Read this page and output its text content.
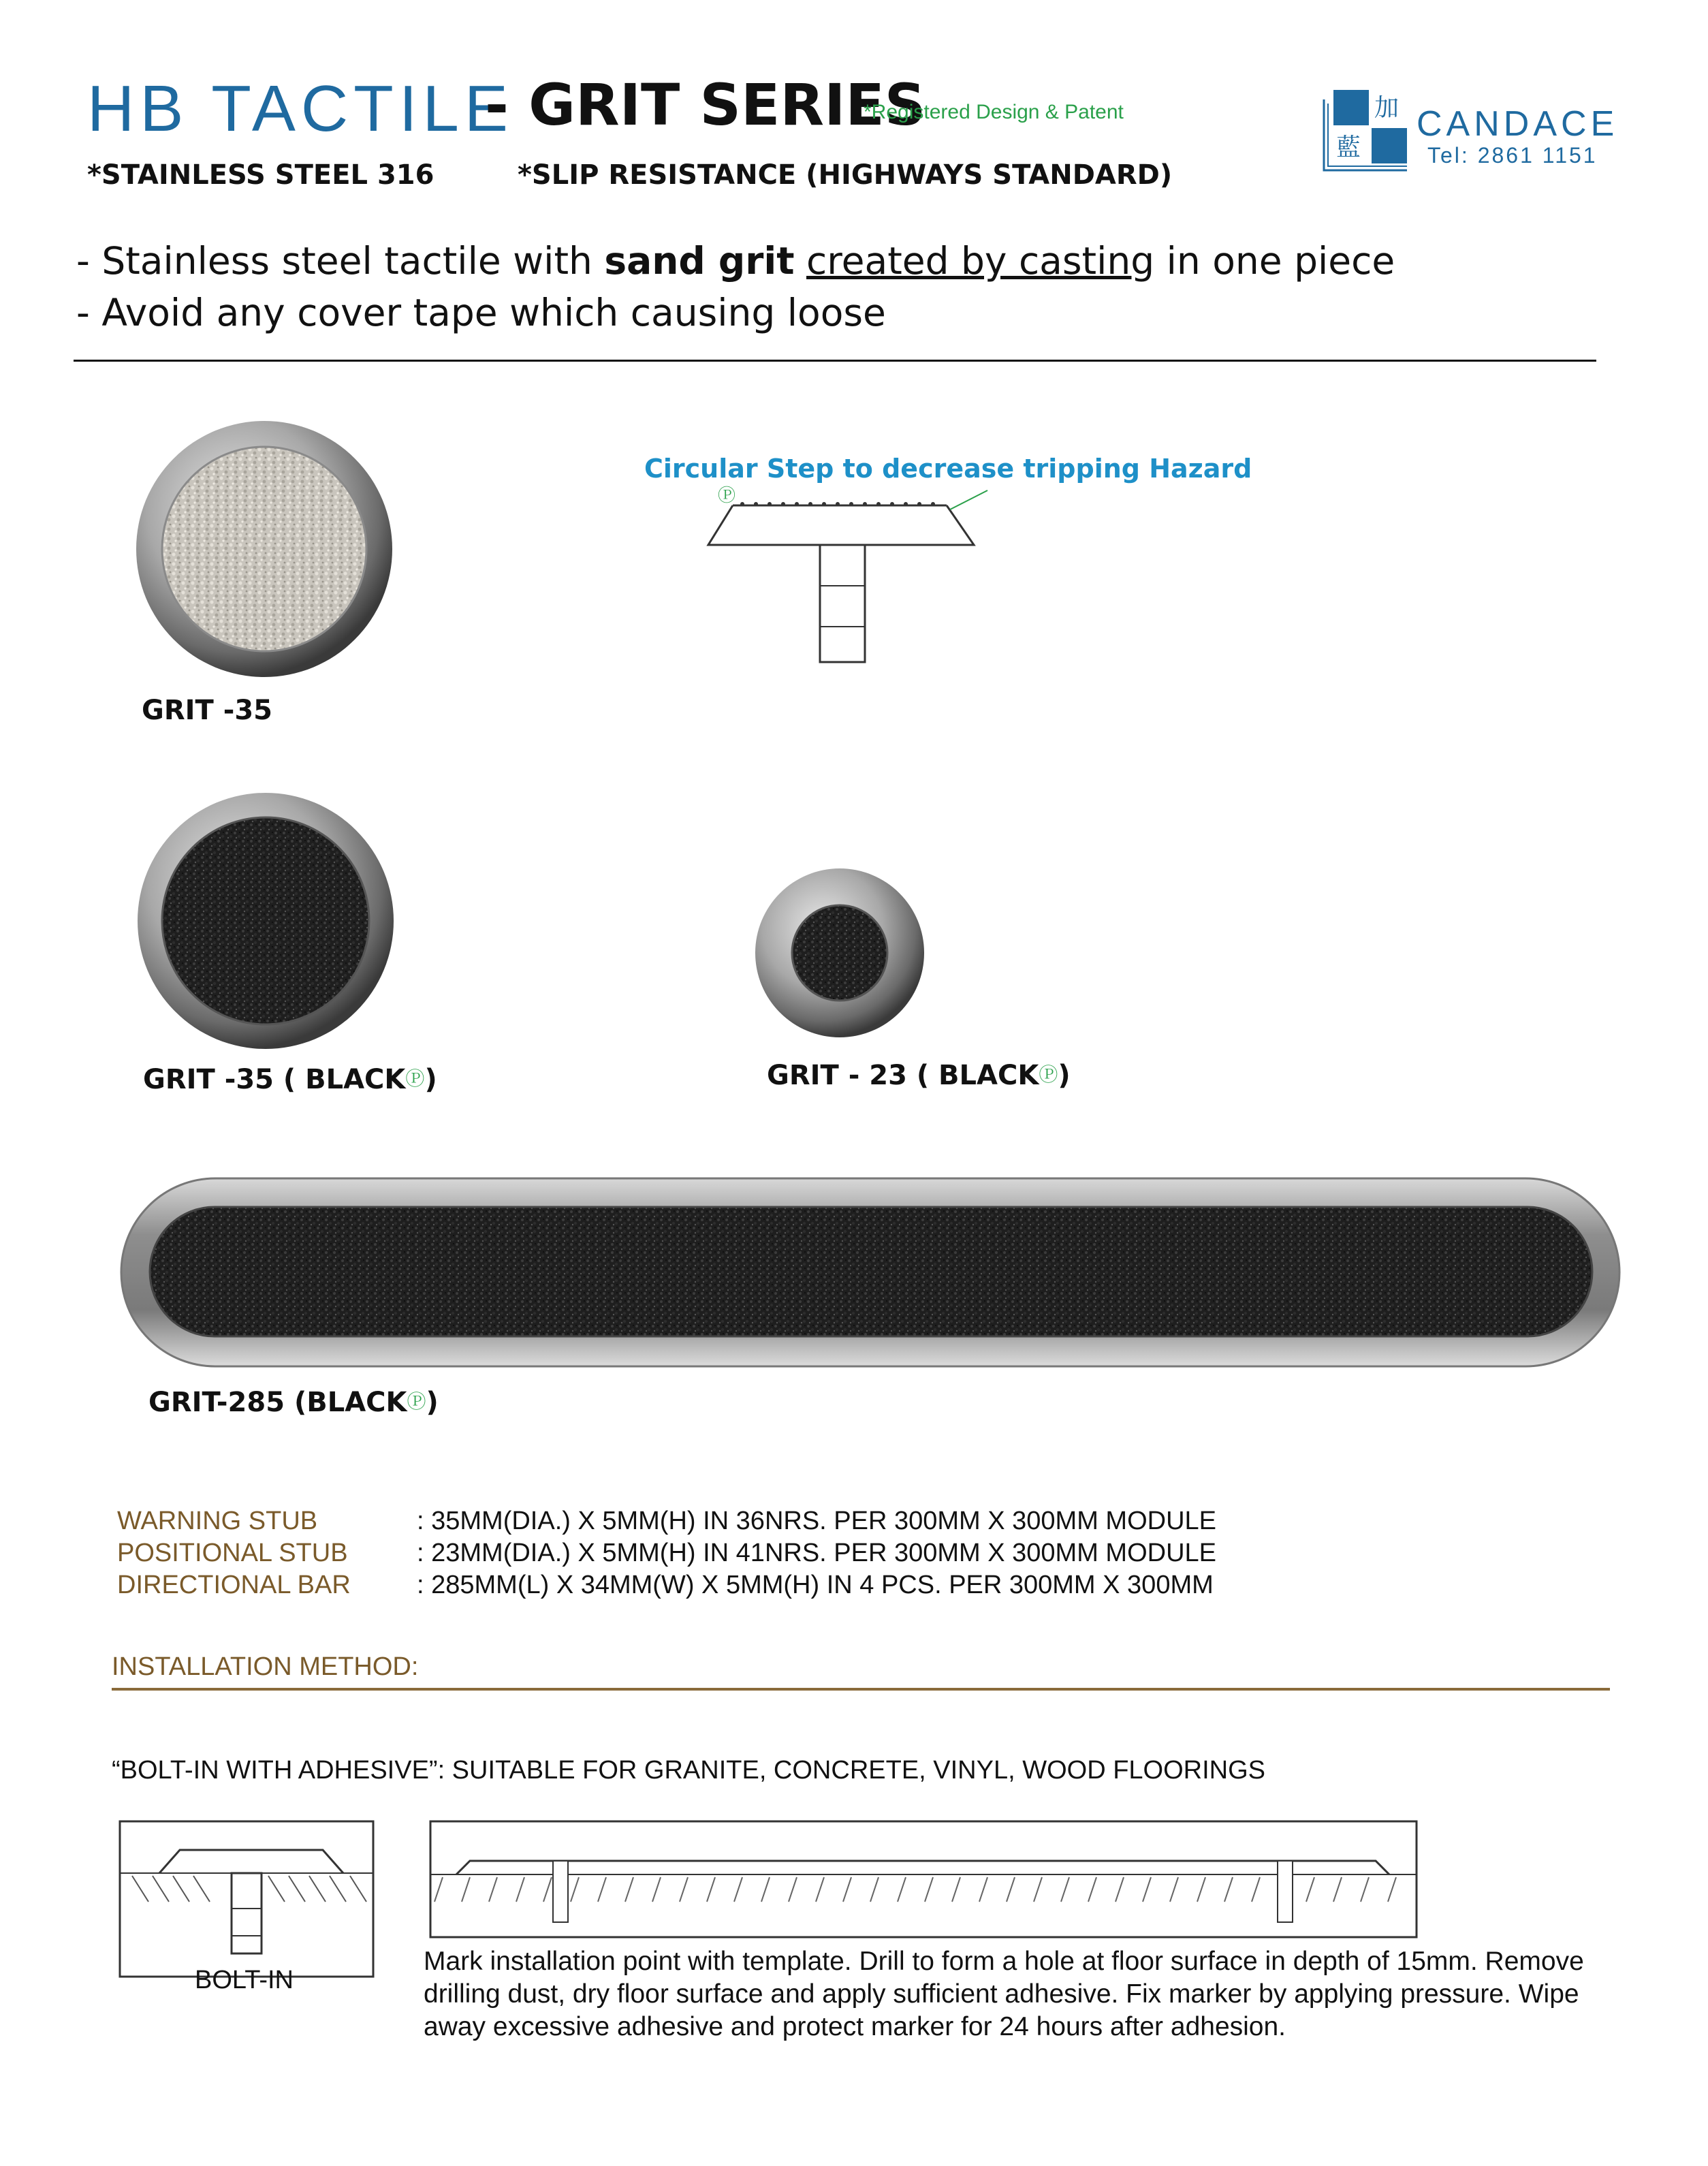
HB TACTILE
- GRIT SERIES
*Registered Design & Patent
*STAINLESS STEEL 316	*SLIP RESISTANCE (HIGHWAYS STANDARD)
加
藍
CANDACE
Tel: 2861 1151
- Stainless steel tactile with sand grit created by casting in one piece
- Avoid any cover tape which causing loose
GRIT -35
Circular Step to decrease tripping Hazard
Ⓟ
GRIT -35 ( BLACKⓅ)	GRIT - 23 ( BLACKⓅ)
GRIT-285 (BLACKⓅ)
WARNING STUB	: 35MM(DIA.) X 5MM(H) IN 36NRS. PER 300MM X 300MM MODULE
POSITIONAL STUB	: 23MM(DIA.) X 5MM(H) IN 41NRS. PER 300MM X 300MM MODULE
DIRECTIONAL BAR	: 285MM(L) X 34MM(W) X 5MM(H) IN 4 PCS. PER 300MM X 300MM
INSTALLATION METHOD:
“BOLT-IN WITH ADHESIVE”: SUITABLE FOR GRANITE, CONCRETE, VINYL, WOOD FLOORINGS
BOLT-IN
Mark installation point with template. Drill to form a hole at floor surface in depth of 15mm. Remove drilling dust, dry floor surface and apply sufficient adhesive. Fix marker by applying pressure. Wipe away excessive adhesive and protect marker for 24 hours after adhesion.
